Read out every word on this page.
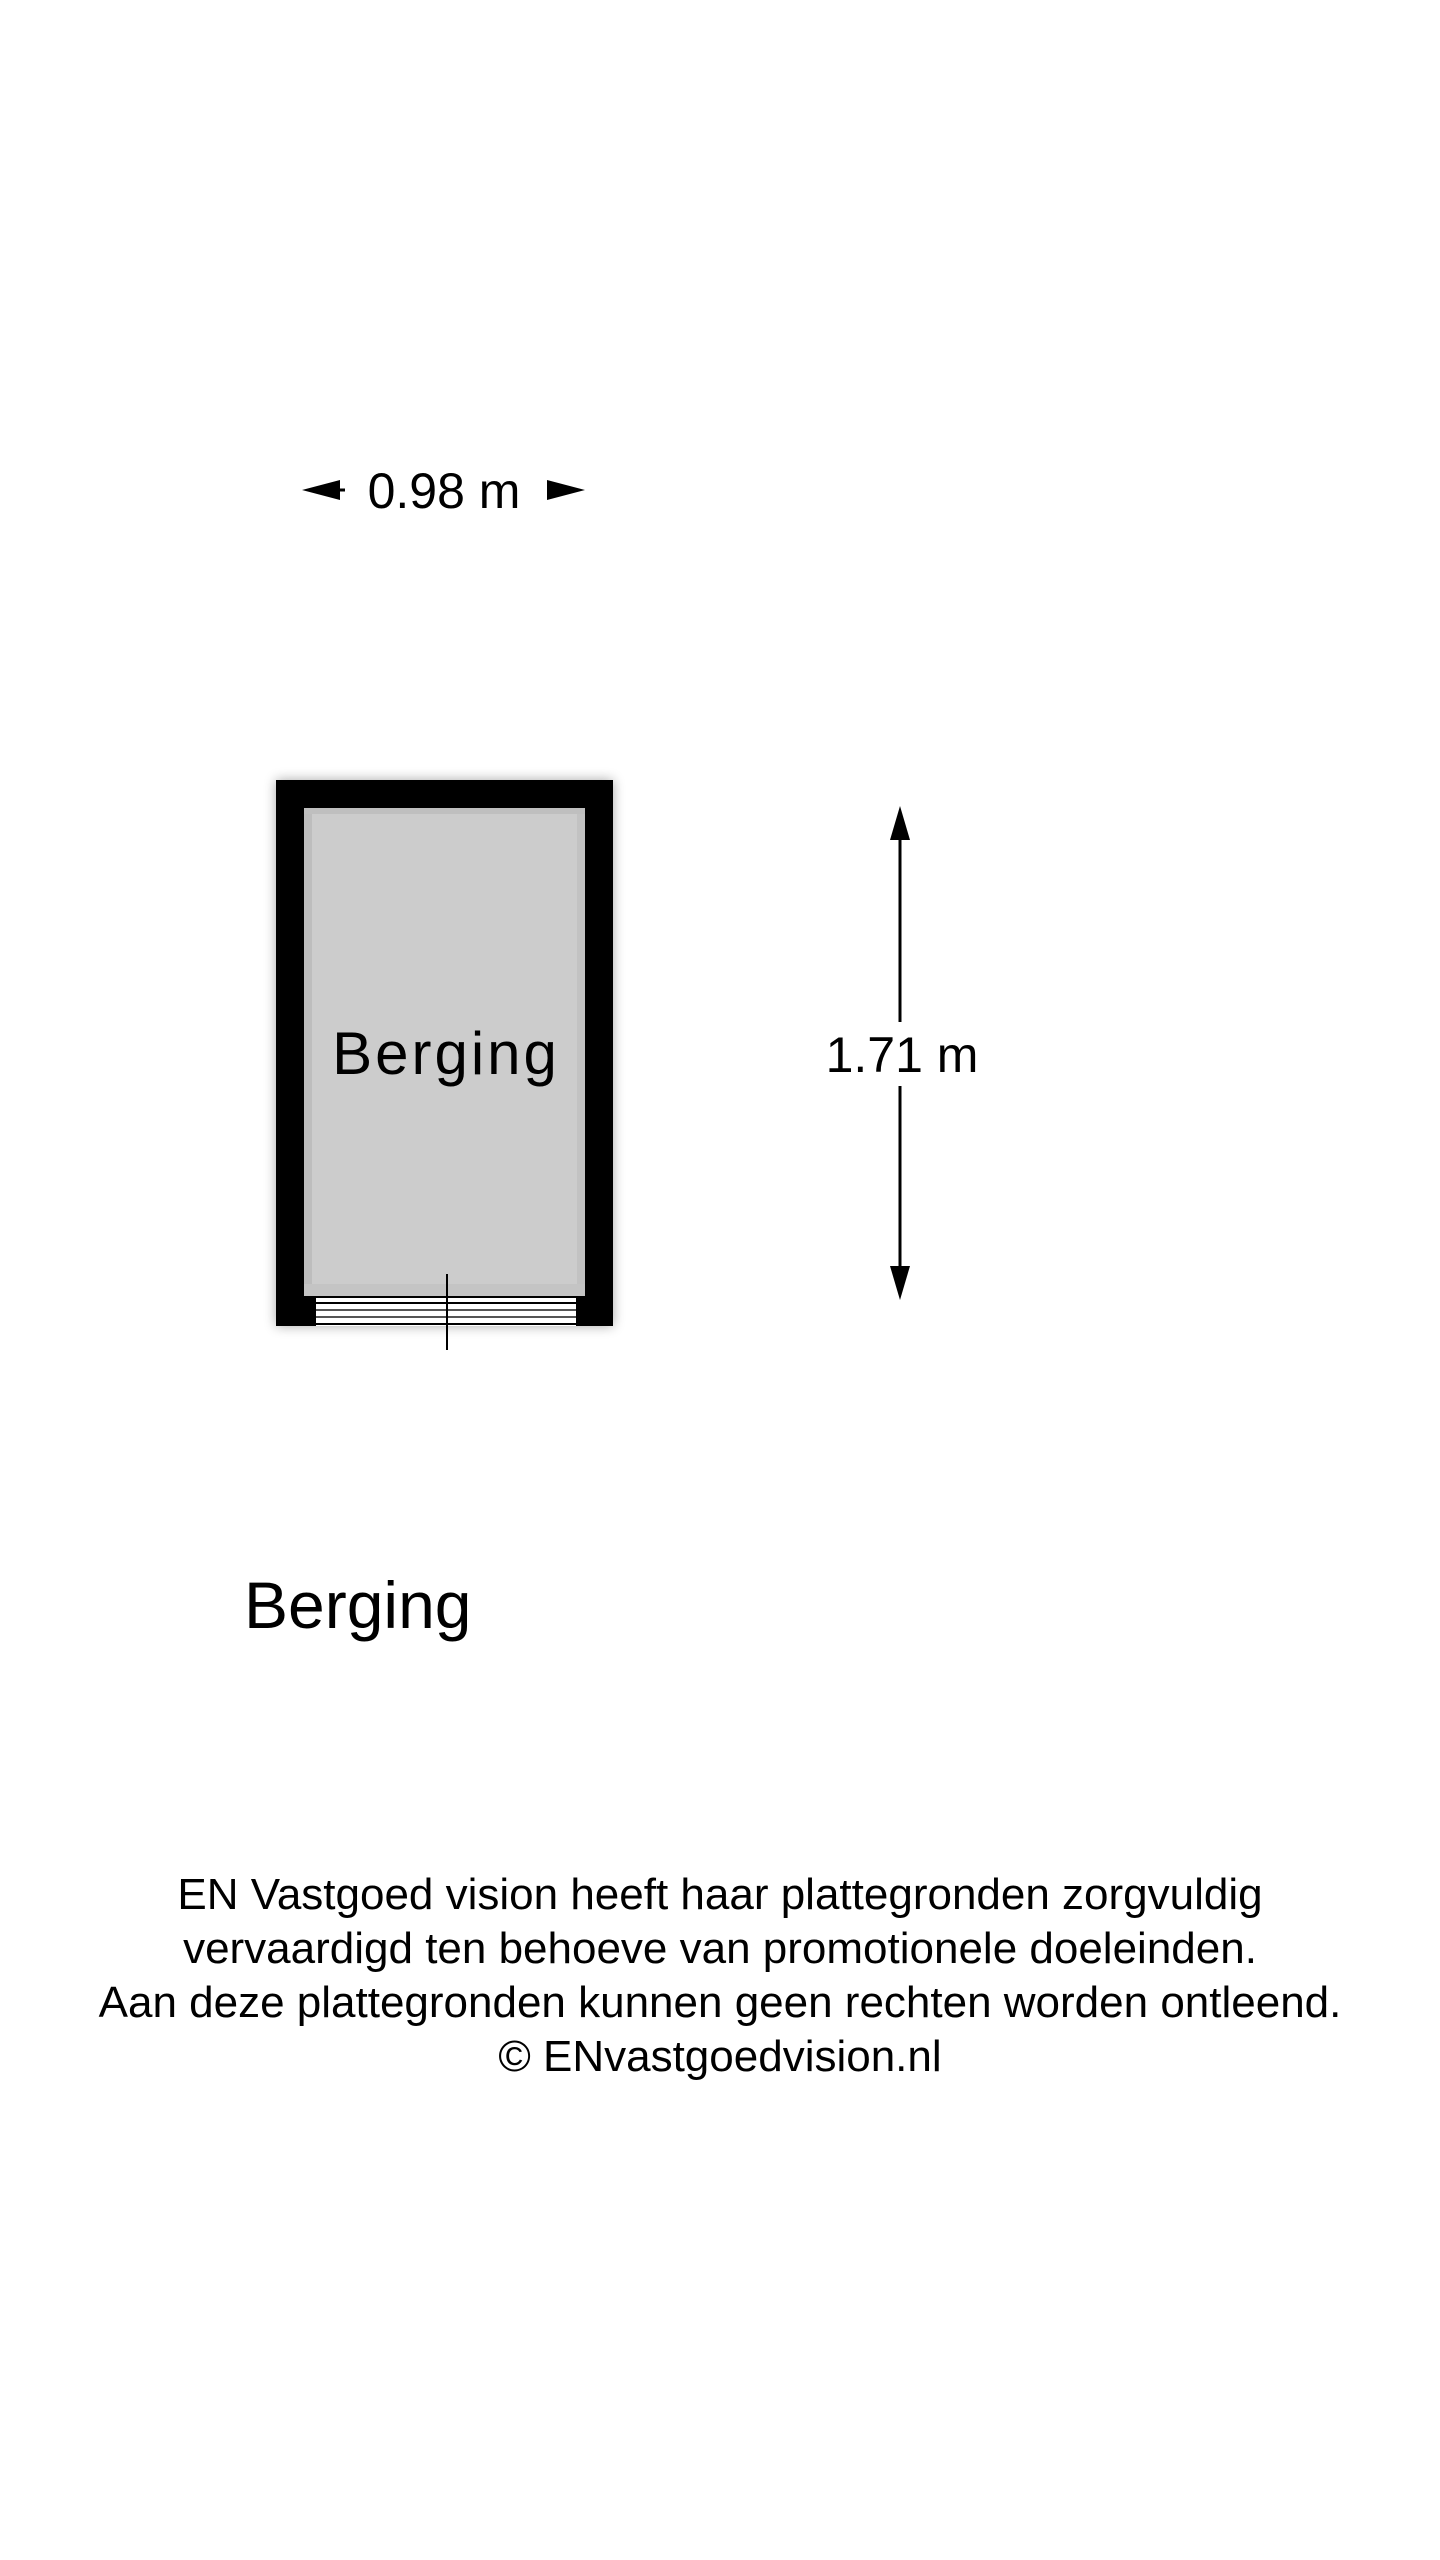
0.98 m
Berging	1.71 m
Berging
EN Vastgoed vision heeft haar plattegronden zorgvuldig
vervaardigd ten behoeve van promotionele doeleinden.
Aan deze plattegronden kunnen geen rechten worden ontleend.
© ENvastgoedvision.nl
